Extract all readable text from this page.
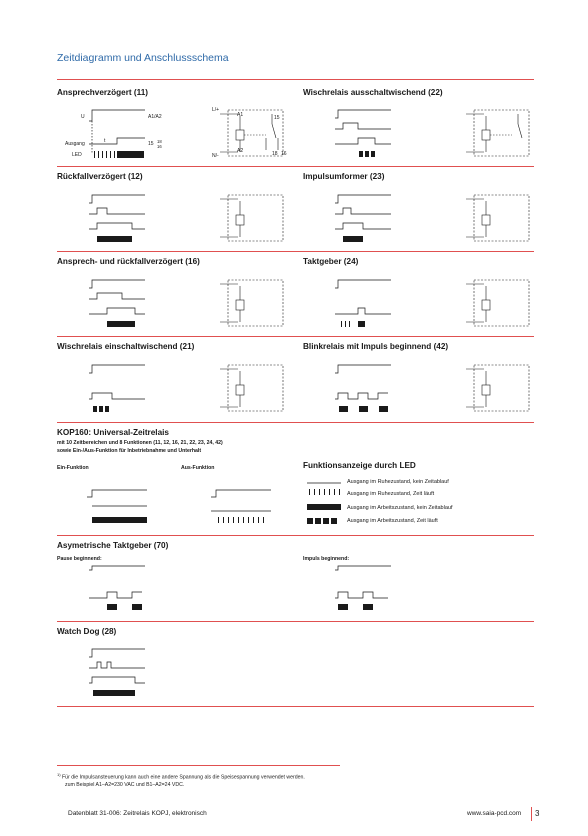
Zeitdiagramm und Anschlussschema
Ansprechverzögert (11)	Wischrelais ausschaltwischend (22)
Rückfallverzögert (12)	Impulsumformer (23)
Ansprech- und rückfallverzögert (16)	Taktgeber (24)
Wischrelais einschaltwischend (21)	Blinkrelais mit Impuls beginnend (42)
KOP160: Universal-Zeitrelais
mit 10 Zeitbereichen und 8 Funktionen (11, 12, 16, 21, 22, 23, 24, 42)
sowie Ein-/Aus-Funktion für Inbetriebnahme und Unterhalt
Ein-Funktion	Aus-Funktion	Funktionsanzeige durch LED
Asymetrische Taktgeber (70)
Pause beginnend:	Impuls beginnend:
Watch Dog (28)
$^{1)}$ Für die Impulsansteuerung kann auch eine andere Spannung als die Speisespannung verwendet werden.
zum Beispiel A1–A2=230 VAC und B1–A2=24 VDC.
Datenblatt 31-006: Zeitrelais KOPJ, elektronisch	www.saia-pcd.com 3
U
Ausgang
LED
A1/A2
t	15 18
16
L/+
N/-
A1
A2
15
18 16
Ausgang im Ruhezustand, kein Zeitablauf
Ausgang im Ruhezustand, Zeit läuft
Ausgang im Arbeitszustand, kein Zeitablauf
Ausgang im Arbeitszustand, Zeit läuft
